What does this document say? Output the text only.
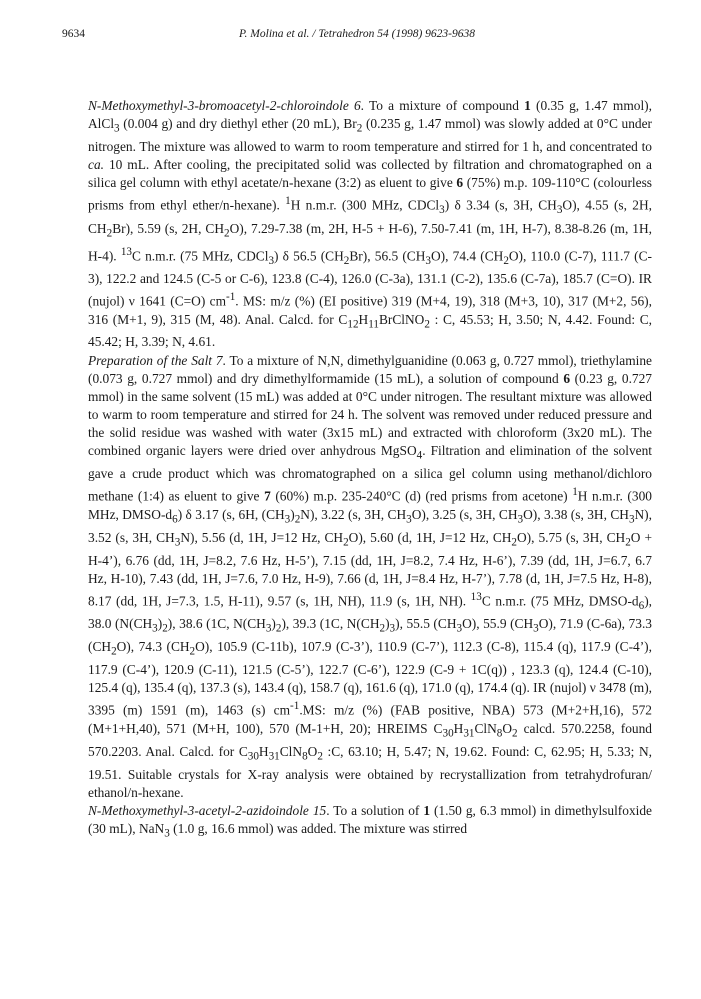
9634	P. Molina et al. / Tetrahedron 54 (1998) 9623-9638

N-Methoxymethyl-3-bromoacetyl-2-chloroindole 6. To a mixture of compound 1 (0.35 g, 1.47 mmol), AlCl$_3$ (0.004 g) and dry diethyl ether (20 mL), $Br_2$ (0.235 g, 1.47 mmol) was slowly added at 0°C under nitrogen. The mixture was allowed to warm to room temperature and stirred for 1 h, and concentrated to ca. 10 mL. After cooling, the precipitated solid was collected by filtration and chromatographed on a silica gel column with ethyl acetate/n-hexane (3:2) as eluent to give 6 (75%) m.p. 109-110°C (colourless prisms from ethyl ether/n-hexane). $^1$H n.m.r. (300 MHz, CDCl$_3$) δ 3.34 (s, 3H, $CH_3O$), 4.55 (s, 2H, $CH_2Br$), 5.59 (s, 2H, $CH_2O$), 7.29-7.38 (m, 2H, H-5 + H-6), 7.50-7.41 (m, 1H, H-7), 8.38-8.26 (m, 1H, H-4). $^{13}$C n.m.r. (75 MHz, CDCl$_3$) δ 56.5 $(CH_2Br)$, 56.5 $(CH_3O)$, 74.4 $(CH_2O)$, 110.0 (C-7), 111.7 (C-3), 122.2 and 124.5 (C-5 or C-6), 123.8 (C-4), 126.0 (C-3a), 131.1 (C-2), 135.6 (C-7a), 185.7 (C=O). IR (nujol) ν 1641 (C=O) $cm^{-1}$. MS: m/z (%) (EI positive) 319 (M+4, 19), 318 (M+3, 10), 317 (M+2, 56), 316 (M+1, 9), 315 (M, 48). Anal. Calcd. for $C_{12}H_{11}BrClNO_2$ : C, 45.53; H, 3.50; N, 4.42. Found: C, 45.42; H, 3.39; N, 4.61.

Preparation of the Salt 7. To a mixture of N,N, dimethylguanidine (0.063 g, 0.727 mmol), triethylamine (0.073 g, 0.727 mmol) and dry dimethylformamide (15 mL), a solution of compound 6 (0.23 g, 0.727 mmol) in the same solvent (15 mL) was added at 0°C under nitrogen. The resultant mixture was allowed to warm to room temperature and stirred for 24 h. The solvent was removed under reduced pressure and the solid residue was washed with water (3x15 mL) and extracted with chloroform (3x20 mL). The combined organic layers were dried over anhydrous MgSO$_4$. Filtration and elimination of the solvent gave a crude product which was chromatographed on a silica gel column using methanol/dichloro methane (1:4) as eluent to give 7 (60%) m.p. 235-240°C (d) (red prisms from acetone) $^1$H n.m.r. (300 MHz, DMSO-$d_6$) δ 3.17 (s, 6H, $(CH_3)_2N$), 3.22 (s, 3H, $CH_3O$), 3.25 (s, 3H, $CH_3O$), 3.38 (s, 3H, $CH_3N$), 3.52 (s, 3H, $CH_3N$), 5.56 (d, 1H, J=12 Hz, $CH_2O$), 5.60 (d, 1H, J=12 Hz, $CH_2O$), 5.75 (s, 3H, $CH_2O$ + H-4’), 6.76 (dd, 1H, J=8.2, 7.6 Hz, H-5’), 7.15 (dd, 1H, J=8.2, 7.4 Hz, H-6’), 7.39 (dd, 1H, J=6.7, 6.7 Hz, H-10), 7.43 (dd, 1H, J=7.6, 7.0 Hz, H-9), 7.66 (d, 1H, J=8.4 Hz, H-7’), 7.78 (d, 1H, J=7.5 Hz, H-8), 8.17 (dd, 1H, J=7.3, 1.5, H-11), 9.57 (s, 1H, NH), 11.9 (s, 1H, NH). $^{13}$C n.m.r. (75 MHz, DMSO-$d_6$), 38.0 $(N(CH_3)_2)$, 38.6 (1C, $N(CH_3)_2$), 39.3 (1C, $N(CH_2)_3$), 55.5 $(CH_3O)$, 55.9 $(CH_3O)$, 71.9 (C-6a), 73.3 $(CH_2O)$, 74.3 $(CH_2O)$, 105.9 (C-11b), 107.9 (C-3’), 110.9 (C-7’), 112.3 (C-8), 115.4 (q), 117.9 (C-4’), 117.9 (C-4’), 120.9 (C-11), 121.5 (C-5’), 122.7 (C-6’), 122.9 (C-9 + 1C(q)) , 123.3 (q), 124.4 (C-10), 125.4 (q), 135.4 (q), 137.3 (s), 143.4 (q), 158.7 (q), 161.6 (q), 171.0 (q), 174.4 (q). IR (nujol) ν 3478 (m), 3395 (m) 1591 (m), 1463 (s) $cm^{-1}.MS$: m/z (%) (FAB positive, NBA) 573 (M+2+H,16), 572 (M+1+H,40), 571 (M+H, 100), 570 (M-1+H, 20); HREIMS $C_{30}H_{31}ClN_8O_2$ calcd. 570.2258, found 570.2203. Anal. Calcd. for $C_{30}H_{31}ClN_8O_2$ :C, 63.10; H, 5.47; N, 19.62. Found: C, 62.95; H, 5.33; N, 19.51. Suitable crystals for X-ray analysis were obtained by recrystallization from tetrahydrofuran/ ethanol/n-hexane.

N-Methoxymethyl-3-acetyl-2-azidoindole 15. To a solution of 1 (1.50 g, 6.3 mmol) in dimethylsulfoxide (30 mL), NaN$_3$ (1.0 g, 16.6 mmol) was added. The mixture was stirred
